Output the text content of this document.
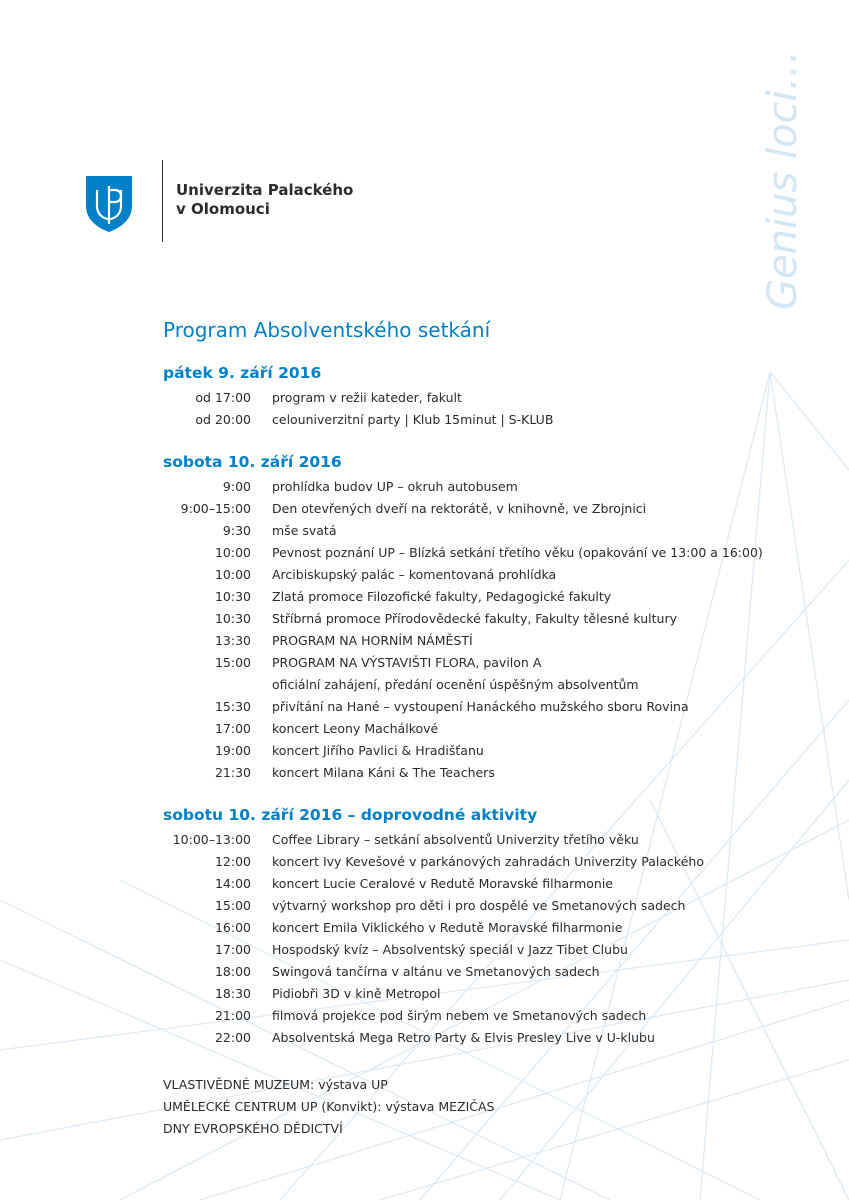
Univerzita Palackého
v Olomouci	Genius loci…
Program Absolventského setkání
pátek 9. září 2016
od 17:00 program v režii kateder, fakult
od 20:00 celouniverzitní party | Klub 15minut | S-KLUB
sobota 10. září 2016
9:00 prohlídka budov UP – okruh autobusem
9:00–15:00 Den otevřených dveří na rektorátě, v knihovně, ve Zbrojnici
9:30 mše svatá
10:00 Pevnost poznání UP – Blízká setkání třetího věku (opakování ve 13:00 a 16:00)
10:00 Arcibiskupský palác – komentovaná prohlídka
10:30 Zlatá promoce Filozofické fakulty, Pedagogické fakulty
10:30 Stříbrná promoce Přírodovědecké fakulty, Fakulty tělesné kultury
13:30 PROGRAM NA HORNÍM NÁMĚSTÍ
15:00 PROGRAM NA VÝSTAVIŠTI FLORA, pavilon A
oficiální zahájení, předání ocenění úspěšným absolventům
15:30 přivítání na Hané – vystoupení Hanáckého mužského sboru Rovina
17:00 koncert Leony Machálkové
19:00 koncert Jiřího Pavlici & Hradišťanu
21:30 koncert Milana Káni & The Teachers
sobotu 10. září 2016 – doprovodné aktivity
10:00–13:00 Coffee Library – setkání absolventů Univerzity třetího věku
12:00 koncert Ivy Kevešové v parkánových zahradách Univerzity Palackého
14:00 koncert Lucie Ceralové v Redutě Moravské filharmonie
15:00 výtvarný workshop pro děti i pro dospělé ve Smetanových sadech
16:00 koncert Emila Viklického v Redutě Moravské filharmonie
17:00 Hospodský kvíz – Absolventský speciál v Jazz Tibet Clubu
18:00 Swingová tančírna v altánu ve Smetanových sadech
18:30 Pidiobři 3D v kině Metropol
21:00 filmová projekce pod širým nebem ve Smetanových sadech
22:00 Absolventská Mega Retro Party & Elvis Presley Live v U-klubu
VLASTIVĚDNÉ MUZEUM: výstava UP
UMĚLECKÉ CENTRUM UP (Konvikt): výstava MEZIČAS
DNY EVROPSKÉHO DĚDICTVÍ
